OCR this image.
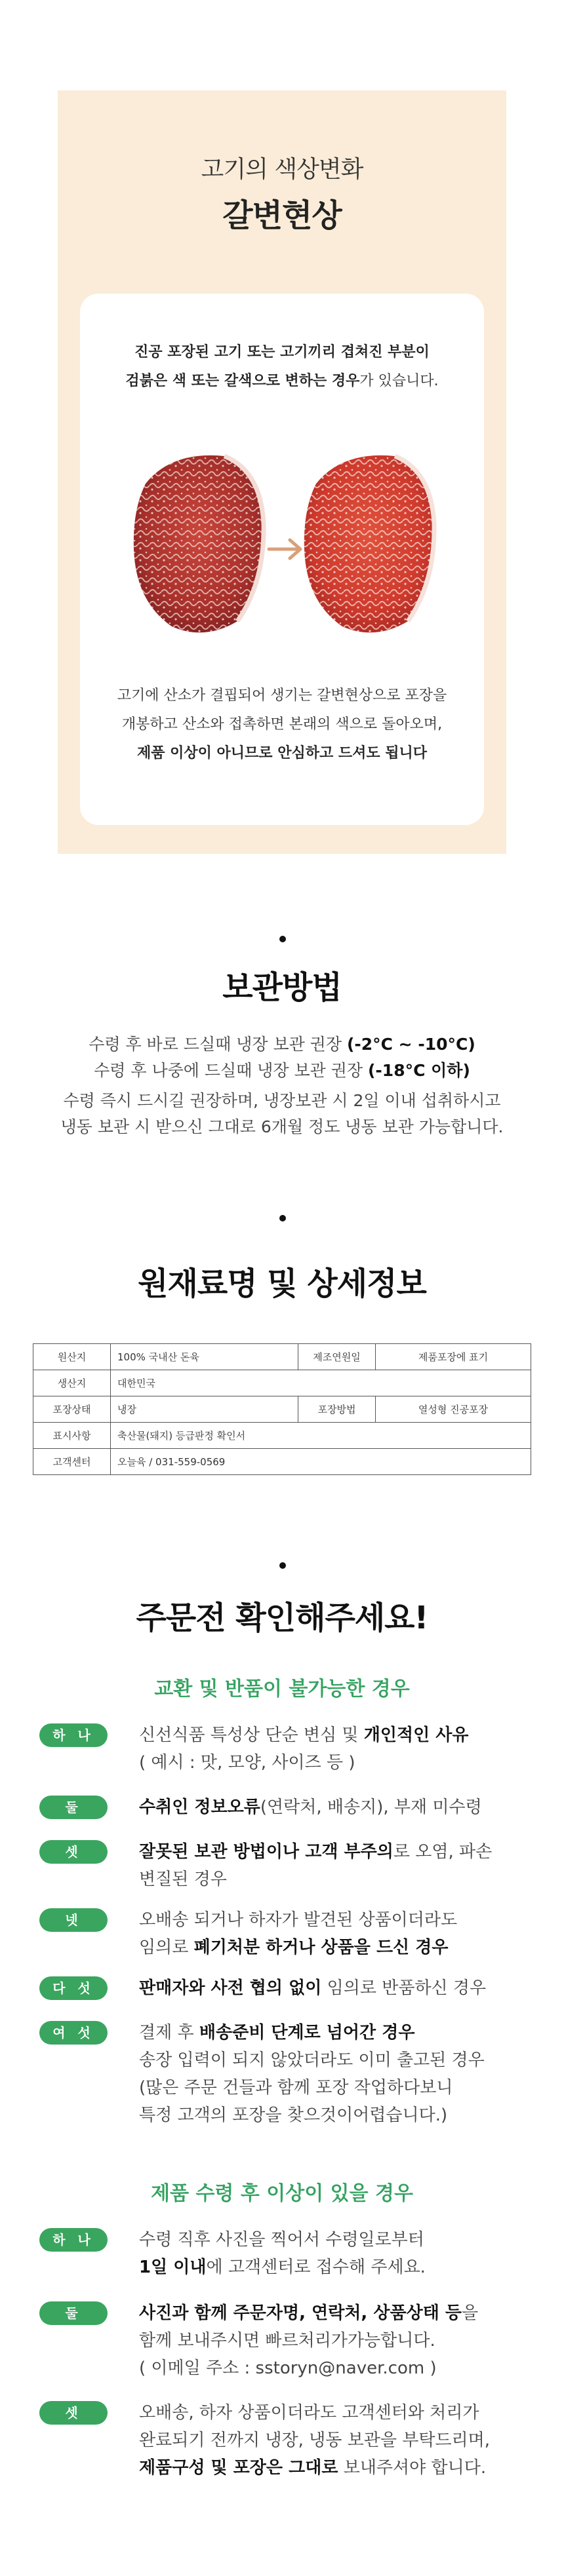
고기의 색상변화
갈변현상
진공 포장된 고기 또는 고기끼리 겹쳐진 부분이
검붉은 색 또는 갈색으로 변하는 경우가 있습니다.
고기에 산소가 결핍되어 생기는 갈변현상으로 포장을
개봉하고 산소와 접촉하면 본래의 색으로 돌아오며,
제품 이상이 아니므로 안심하고 드셔도 됩니다
보관방법
수령 후 바로 드실때 냉장 보관 권장 (-2°C ~ -10°C)
수령 후 나중에 드실때 냉장 보관 권장 (-18°C 이하)
수령 즉시 드시길 권장하며, 냉장보관 시 2일 이내 섭취하시고
냉동 보관 시 받으신 그대로 6개월 정도 냉동 보관 가능합니다.
원재료명 및 상세정보
원산지	100% 국내산 돈육	제조연원일	제품포장에 표기
생산지	대한민국		
포장상태	냉장	포장방법	열성형 진공포장
표시사항	축산물(돼지) 등급판정 확인서		
고객센터	오늘육 / 031-559-0569		
주문전 확인해주세요!
교환 및 반품이 불가능한 경우
하 나	신선식품 특성상 단순 변심 및 개인적인 사유
( 예시 : 맛, 모양, 사이즈 등 )
둘	수취인 정보오류(연락처, 배송지), 부재 미수령
셋	잘못된 보관 방법이나 고객 부주의로 오염, 파손
변질된 경우
넷	오배송 되거나 하자가 발견된 상품이더라도
임의로 폐기처분 하거나 상품을 드신 경우
다 섯	판매자와 사전 협의 없이 임의로 반품하신 경우
여 섯	결제 후 배송준비 단계로 넘어간 경우
송장 입력이 되지 않았더라도 이미 출고된 경우
(많은 주문 건들과 함께 포장 작업하다보니
특정 고객의 포장을 찾으것이어렵습니다.)
제품 수령 후 이상이 있을 경우
하 나	수령 직후 사진을 찍어서 수령일로부터
1일 이내에 고객센터로 접수해 주세요.
둘	사진과 함께 주문자명, 연락처, 상품상태 등을
함께 보내주시면 빠르처리가가능합니다.
( 이메일 주소 : sstoryn@naver.com )
셋	오배송, 하자 상품이더라도 고객센터와 처리가
완료되기 전까지 냉장, 냉동 보관을 부탁드리며,
제품구성 및 포장은 그대로 보내주셔야 합니다.
